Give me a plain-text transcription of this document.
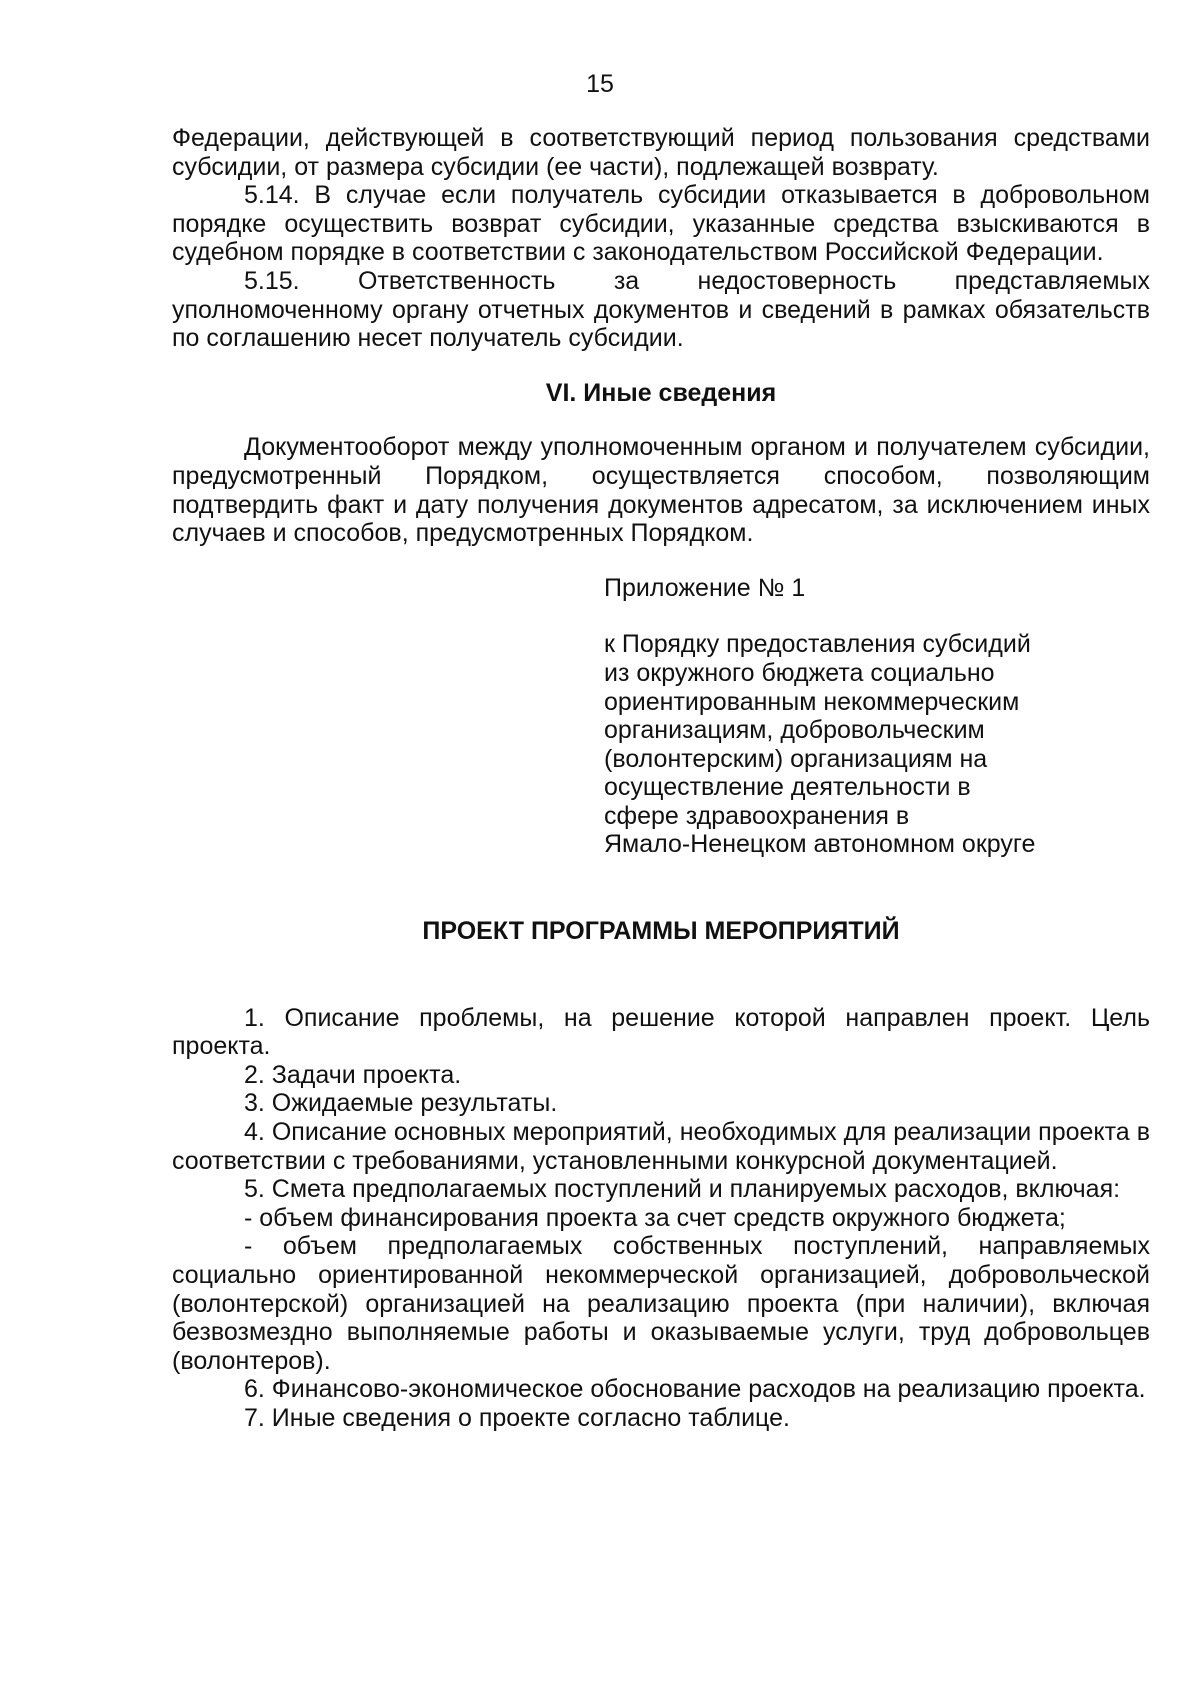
15

Федерации, действующей в соответствующий период пользования средствами субсидии, от размера субсидии (ее части), подлежащей возврату.

5.14. В случае если получатель субсидии отказывается в добровольном порядке осуществить возврат субсидии, указанные средства взыскиваются в судебном порядке в соответствии с законодательством Российской Федерации.

5.15. Ответственность за недостоверность представляемых уполномоченному органу отчетных документов и сведений в рамках обязательств по соглашению несет получатель субсидии.

VI. Иные сведения

Документооборот между уполномоченным органом и получателем субсидии, предусмотренный Порядком, осуществляется способом, позволяющим подтвердить факт и дату получения документов адресатом, за исключением иных случаев и способов, предусмотренных Порядком.

Приложение № 1

к Порядку предоставления субсидий
из окружного бюджета социально
ориентированным некоммерческим
организациям, добровольческим
(волонтерским) организациям на
осуществление деятельности в
сфере здравоохранения в
Ямало-Ненецком автономном округе

ПРОЕКТ ПРОГРАММЫ МЕРОПРИЯТИЙ

1. Описание проблемы, на решение которой направлен проект. Цель проекта.

2. Задачи проекта.

3. Ожидаемые результаты.

4. Описание основных мероприятий, необходимых для реализации проекта в соответствии с требованиями, установленными конкурсной документацией.

5. Смета предполагаемых поступлений и планируемых расходов, включая:

- объем финансирования проекта за счет средств окружного бюджета;

- объем предполагаемых собственных поступлений, направляемых социально ориентированной некоммерческой организацией, добровольческой (волонтерской) организацией на реализацию проекта (при наличии), включая безвозмездно выполняемые работы и оказываемые услуги, труд добровольцев (волонтеров).

6. Финансово-экономическое обоснование расходов на реализацию проекта.

7. Иные сведения о проекте согласно таблице.
